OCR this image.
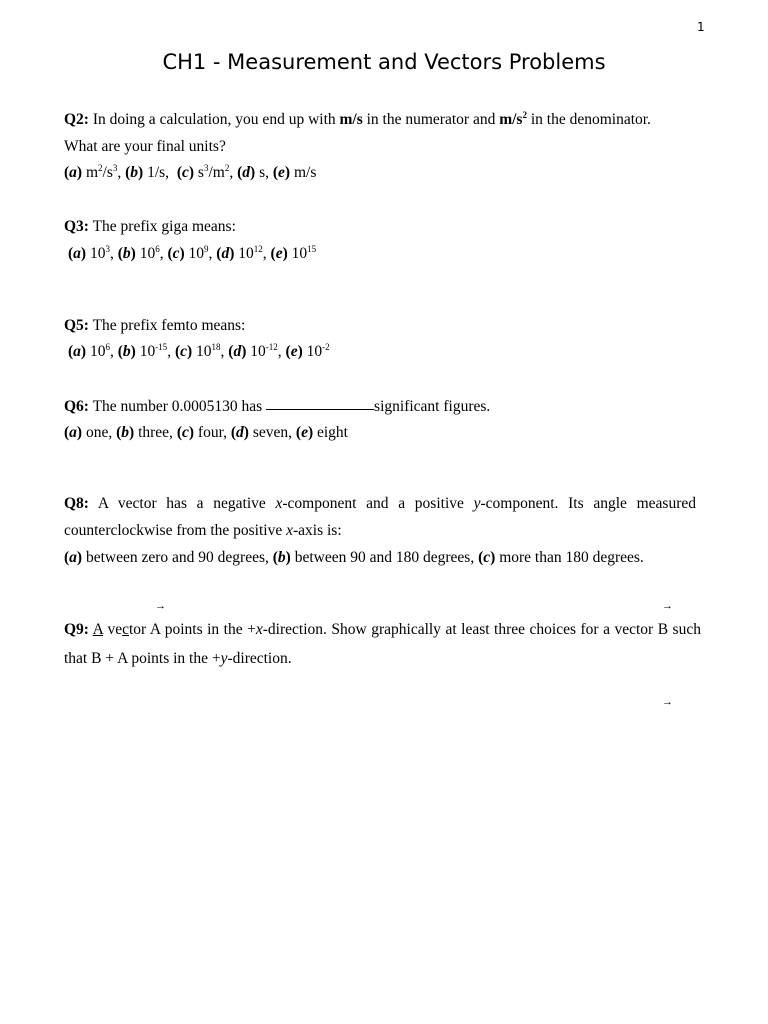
1
CH1 - Measurement and Vectors Problems
Q2: In doing a calculation, you end up with m/s in the numerator and $m/s^2$ in the denominator.
What are your final units?
(a) $m^2/s^3$, (b) 1/s,  (c) $s^3/m^2$, (d) s, (e) m/s
Q3: The prefix giga means:
(a) $10^3$, (b) $10^6$, (c) $10^9$, (d) $10^{12}$, (e) $10^{15}$
Q5: The prefix femto means:
(a) $10^6$, (b) $10^{-15}$, (c) $10^{18}$, (d) $10^{-12}$, (e) $10^{-2}$
Q6: The number 0.0005130 has	significant figures.
(a) one, (b) three, (c) four, (d) seven, (e) eight
Q8: A vector has a negative x-component and a positive y-component. Its angle measured
counterclockwise from the positive x-axis is:
(a) between zero and 90 degrees, (b) between 90 and 180 degrees, (c) more than 180 degrees.
→	→
→
Q9: A vector A points in the +x-direction. Show graphically at least three choices for a vector B such
that B + A points in the +y-direction.
